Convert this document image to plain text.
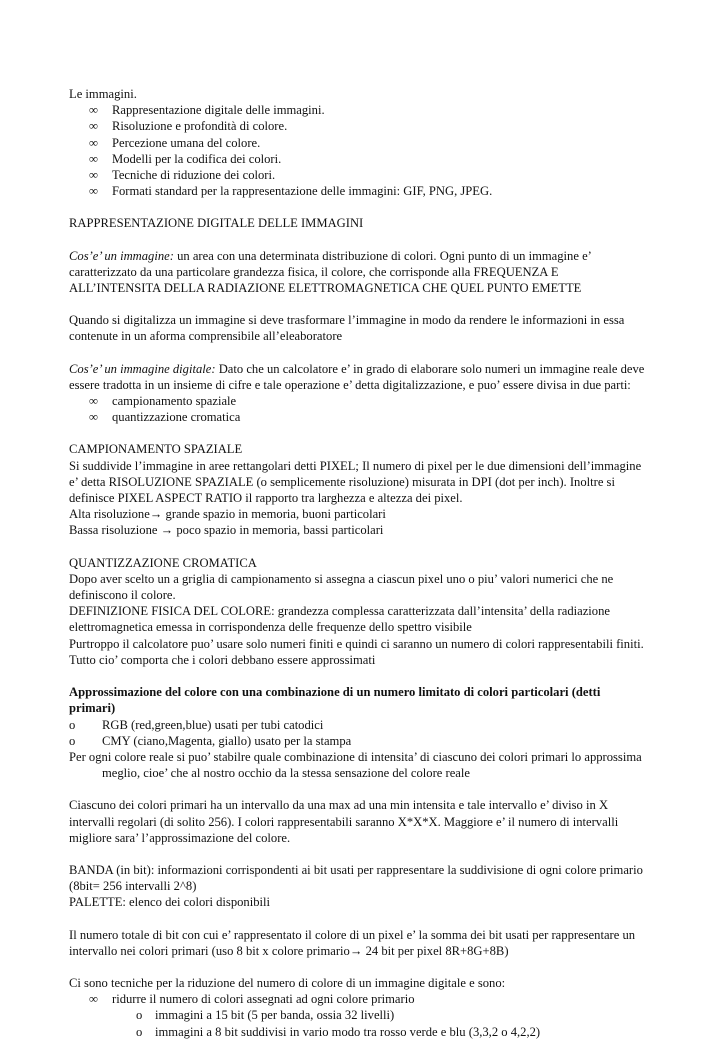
Le immagini.

∞ Rappresentazione digitale delle immagini.
∞ Risoluzione e profondità di colore.
∞ Percezione umana del colore.
∞ Modelli per la codifica dei colori.
∞ Tecniche di riduzione dei colori.
∞ Formati standard per la rappresentazione delle immagini: GIF, PNG, JPEG.

RAPPRESENTAZIONE DIGITALE DELLE IMMAGINI

Cos’e’ un immagine: un area con una determinata distribuzione di colori. Ogni punto di un immagine e’ caratterizzato da una particolare grandezza fisica, il colore, che corrisponde alla FREQUENZA E ALL’INTENSITA DELLA RADIAZIONE ELETTROMAGNETICA CHE QUEL PUNTO EMETTE

Quando si digitalizza un immagine si deve trasformare l’immagine in modo da rendere le informazioni in essa contenute in un aforma comprensibile all’eleaboratore

Cos’e’ un immagine digitale: Dato che un calcolatore e’ in grado di elaborare solo numeri un immagine reale deve essere tradotta in un insieme di cifre e tale operazione e’ detta digitalizzazione, e puo’ essere divisa in due parti:

∞ campionamento spaziale
∞ quantizzazione cromatica

CAMPIONAMENTO SPAZIALE

Si suddivide l’immagine in aree rettangolari detti PIXEL; Il numero di pixel per le due dimensioni dell’immagine e’ detta RISOLUZIONE SPAZIALE (o semplicemente risoluzione) misurata in DPI (dot per inch). Inoltre si definisce PIXEL ASPECT RATIO il rapporto tra larghezza e altezza dei pixel.

Alta risoluzione→ grande spazio in memoria, buoni particolari

Bassa risoluzione → poco spazio in memoria, bassi particolari

QUANTIZZAZIONE CROMATICA

Dopo aver scelto un a griglia di campionamento si assegna a ciascun pixel uno o piu’ valori numerici che ne definiscono il colore.

DEFINIZIONE FISICA DEL COLORE: grandezza complessa caratterizzata dall’intensita’ della radiazione elettromagnetica emessa in corrispondenza delle frequenze dello spettro visibile

Purtroppo il calcolatore puo’ usare solo numeri finiti e quindi ci saranno un numero di colori rappresentabili finiti. Tutto cio’ comporta che i colori debbano essere approssimati

Approssimazione del colore con una combinazione di un numero limitato di colori particolari (detti primari)

o RGB (red,green,blue) usati per tubi catodici
o CMY (ciano,Magenta, giallo) usato per la stampa

Per ogni colore reale si puo’ stabilre quale combinazione di intensita’ di ciascuno dei colori primari lo approssima meglio, cioe’ che al nostro occhio da la stessa sensazione del colore reale

Ciascuno dei colori primari ha un intervallo da una max ad una min intensita e tale intervallo e’ diviso in X intervalli regolari (di solito 256). I colori rappresentabili saranno X*X*X. Maggiore e’ il numero di intervalli migliore sara’ l’approssimazione del colore.

BANDA (in bit): informazioni corrispondenti ai bit usati per rappresentare la suddivisione di ogni colore primario (8bit= 256 intervalli 2^8)

PALETTE: elenco dei colori disponibili

Il numero totale di bit con cui e’ rappresentato il colore di un pixel e’ la somma dei bit usati per rappresentare un intervallo nei colori primari (uso 8 bit x colore primario→ 24 bit per pixel 8R+8G+8B)

Ci sono tecniche per la riduzione del numero di colore di un immagine digitale e sono:

∞ ridurre il numero di colori assegnati ad ogni colore primario
o immagini a 15 bit (5 per banda, ossia 32 livelli)
o immagini a 8 bit suddivisi in vario modo tra rosso verde e blu (3,3,2 o 4,2,2)
